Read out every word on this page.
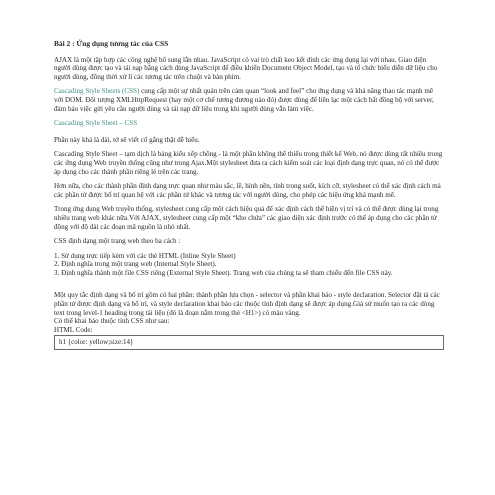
Bài 2 : Ứng dụng tương tác của CSS

AJAX là một tập hợp các công nghệ bổ sung lẫn nhau. JavaScript có vai trò chất keo kết dính các ứng dụng lại với nhau. Giao diện người dùng được tạo và tái nạp bằng cách dùng JavaScript để điều khiển Document Object Model, tạo và tổ chức biểu diễn dữ liệu cho người dùng, đồng thời xử lí các tương tác trên chuột và bàn phím.

Cascading Style Sheets (CSS) cung cấp một sự nhất quán trên cảm quan “look and feel” cho ứng dụng và khả năng thao tác mạnh mẽ với DOM. Đối tượng XMLHttpRequest (hay một cơ chế tương đương nào đó) được dùng để liên lạc một cách bất đồng bộ với server, đảm bảo việc gửi yêu cầu người dùng và tải nạp dữ liệu trong khi người dùng vẫn làm việc.

Cascading Style Sheet – CSS

Phần này khá là dài, tớ sẽ viết cố gắng thật dễ hiểu.

Cascading Style Sheet – tạm dịch là bảng kiểu xếp chồng - là một phần không thể thiếu trong thiết kế Web, nó được dùng rất nhiều trong các ứng dụng Web truyền thống cũng như trong Ajax.Một stylesheet đưa ra cách kiểm soát các loại định dạng trực quan, nó có thể được áp dụng cho các thành phần riêng lẻ trên các trang.

Hơn nữa, cho các thành phần định dạng trực quan như màu sắc, lề, hình nền, tính trong suốt, kích cỡ, stylesheet có thể xác định cách mà các phần tử được bố trí quan hệ với các phần tử khác và tương tác với người dùng, cho phép các hiệu ứng khá mạnh mẽ.

Trong ứng dụng Web truyền thống, stylesheet cung cấp một cách hiệu quả để xác định cách thể hiện vị trí và có thể được dùng lại trong nhiều trang web khác nữa.Với AJAX, stylesheet cung cấp một “kho chứa” các giao diện xác định trước có thể áp dụng cho các phần tử động với độ dài các đoạn mã nguồn là nhỏ nhất.

CSS định dạng một trang web theo ba cách :

1. Sử dụng trực tiếp kèm với các thẻ HTML (Inline Style Sheet)

2. Định nghĩa trong một trang web (Internal Style Sheet).

3. Định nghĩa thành một file CSS riêng (External Style Sheet). Trang web của chúng ta sẽ tham chiếu đến file CSS này.

Một quy tắc định dạng và bố trí gồm có hai phần: thành phần lựa chọn - selector và phần khai báo - style declaration. Selector đặt tả các phần tử được định dạng và bố trí, và style declaration khai báo các thuộc tính định dạng sẽ được áp dụng.Giả sử muốn tạo ra các dòng text trong level-1 heading trong tài liệu (đó là đoạn nằm trong thẻ <H1>) có màu vàng.

Có thể khai báo thuộc tính CSS như sau:

HTML Code:

h1 {color: yellow;size:14}
